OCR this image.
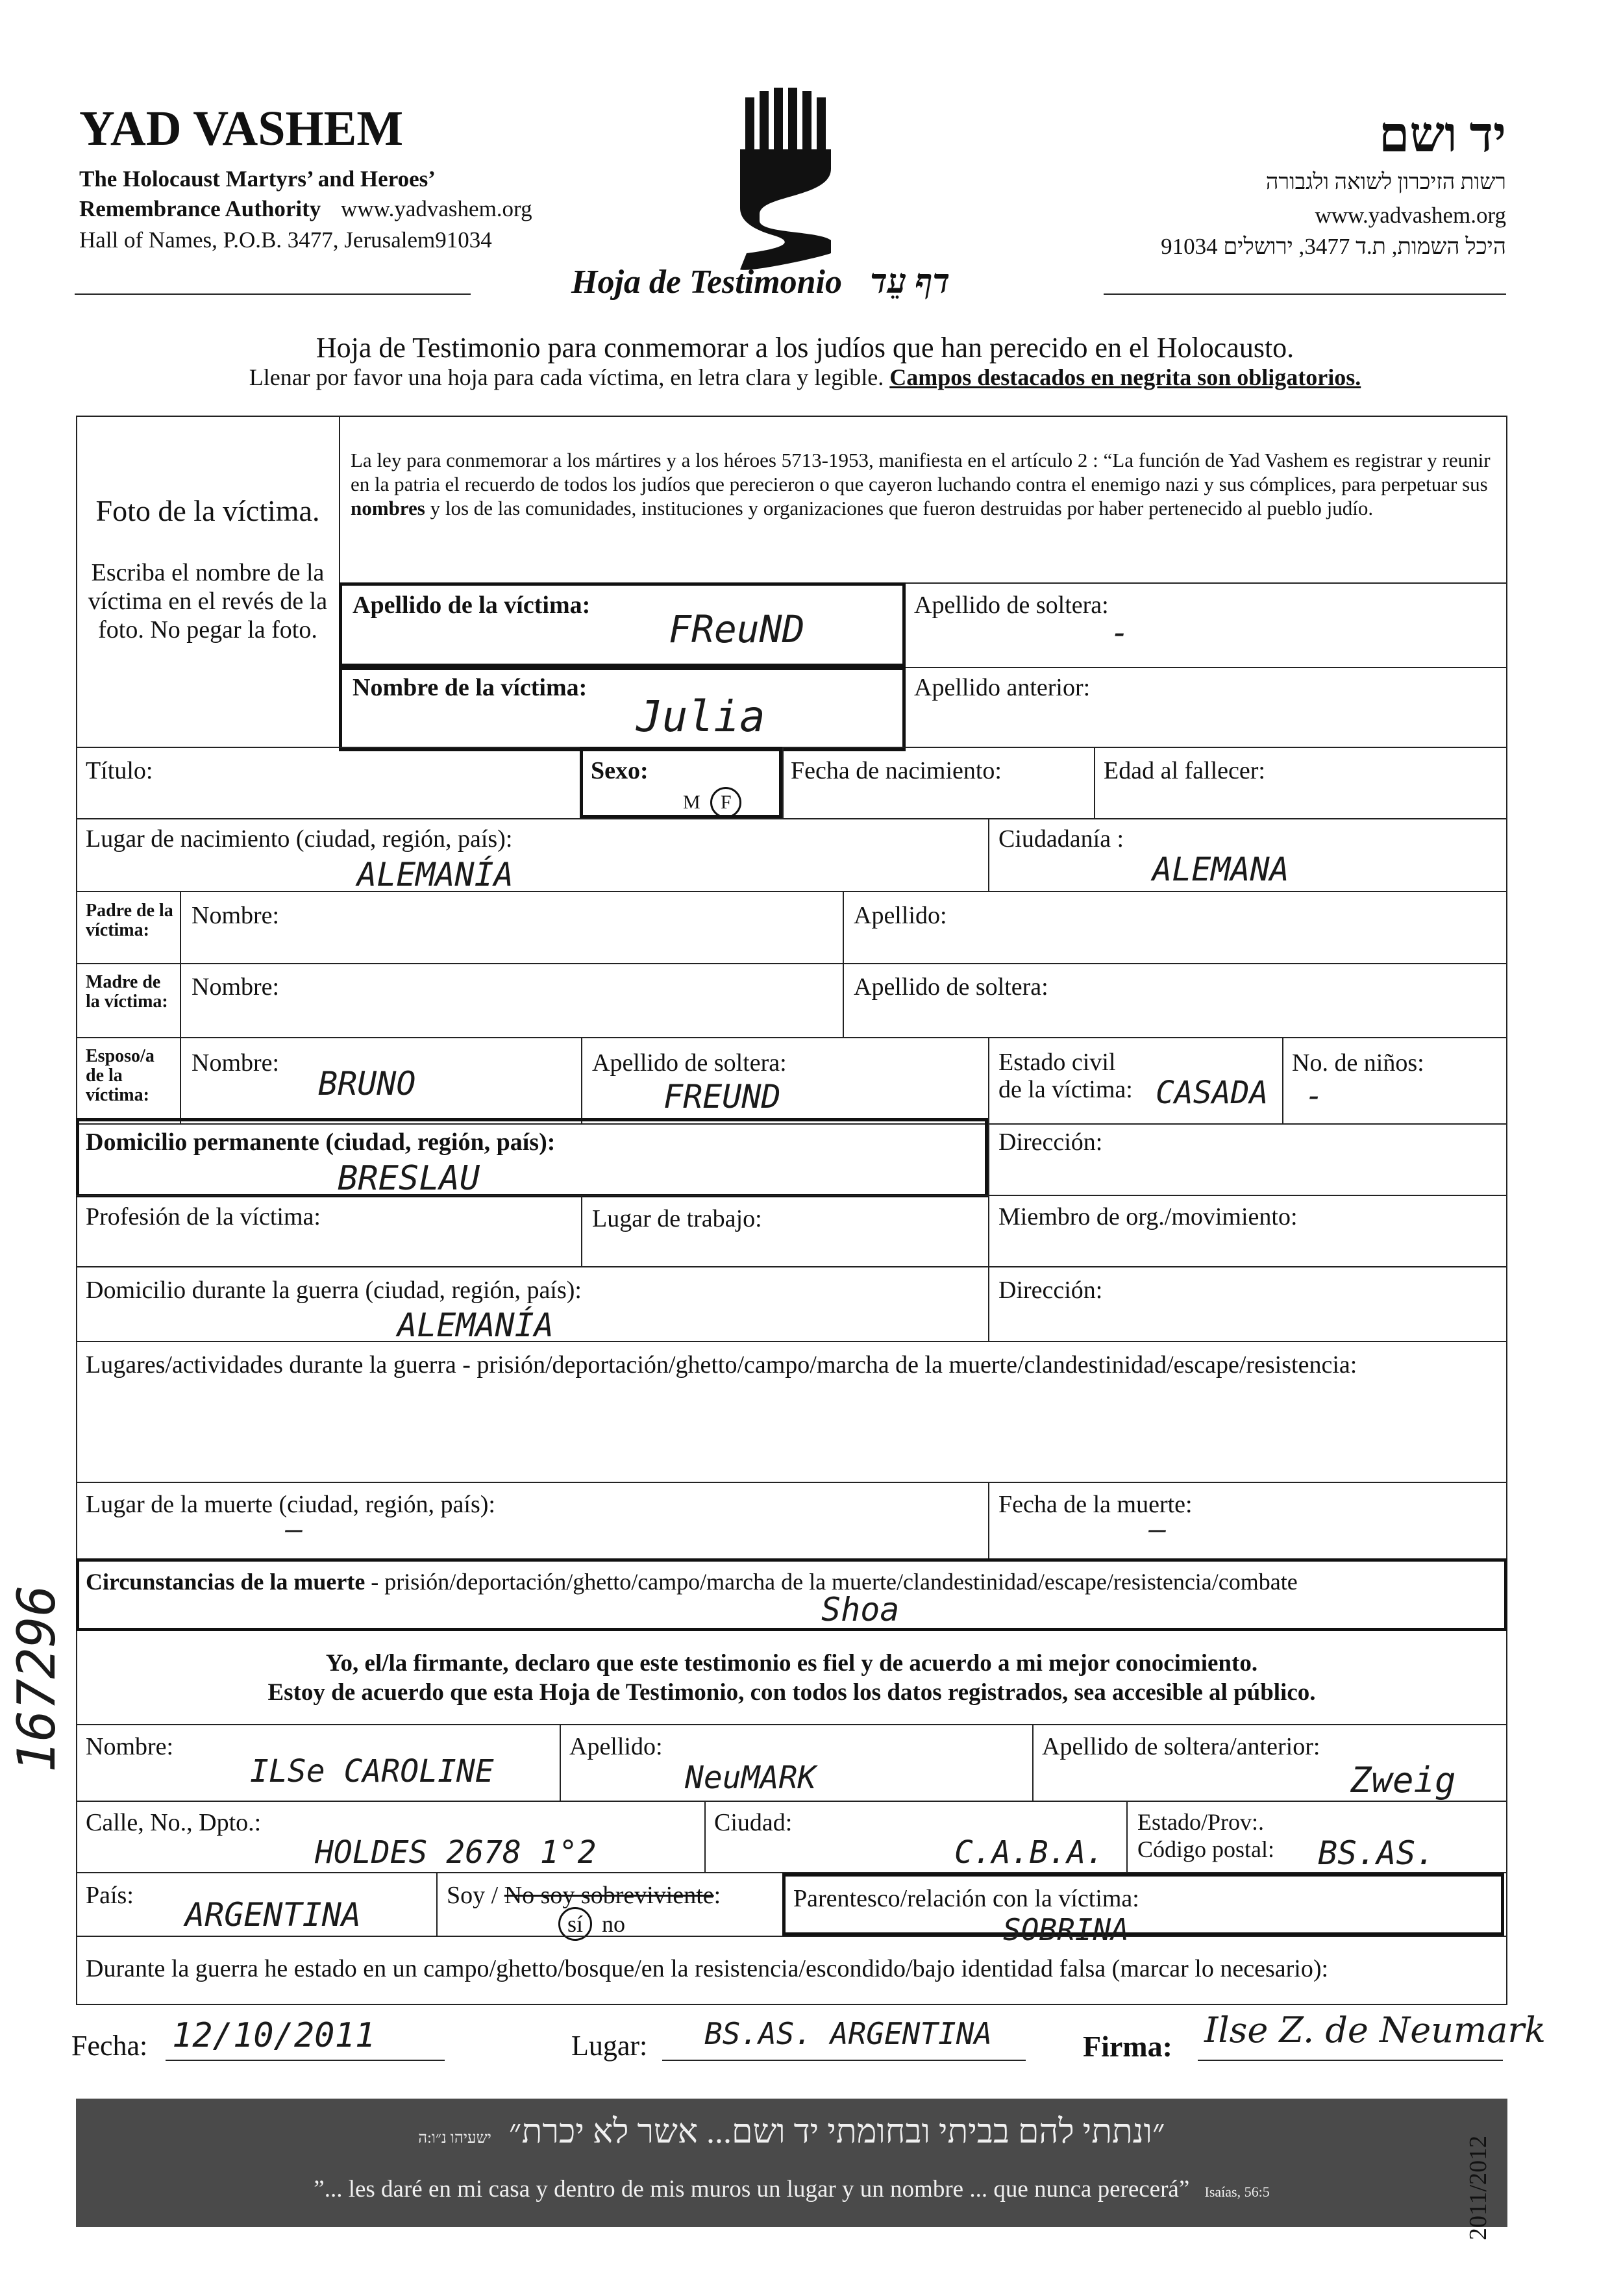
YAD VASHEM
The Holocaust Martyrs’ and Heroes’
Remembrance Authority www.yadvashem.org
Hall of Names, P.O.B. 3477, Jerusalem91034
Hoja de Testimonio דף עֵד
יד ושם
רשות הזיכרון לשואה ולגבורה
www.yadvashem.org
היכל השמות, ת.ד 3477, ירושלים 91034
Hoja de Testimonio para conmemorar a los judíos que han perecido en el Holocausto.
Llenar por favor una hoja para cada víctima, en letra clara y legible. Campos destacados en negrita son obligatorios.
Foto de la víctima.
Escriba el nombre de la víctima en el revés de la foto. No pegar la foto.
La ley para conmemorar a los mártires y a los héroes 5713-1953, manifiesta en el artículo 2 : “La función de Yad Vashem es registrar y reunir en la patria el recuerdo de todos los judíos que perecieron o que cayeron luchando contra el enemigo nazi y sus cómplices, para perpetuar sus nombres y los de las comunidades, instituciones y organizaciones que fueron destruidas por haber pertenecido al pueblo judío.
Apellido de la víctima:
FReuND
Apellido de soltera:
-
Nombre de la víctima:
Julia
Apellido anterior:
Título:	Sexo:
M F
Fecha de nacimiento:	Edad al fallecer:
Lugar de nacimiento (ciudad, región, país):
ALEMANÍA
Ciudadanía :
ALEMANA
Padre de la víctima:
Nombre:	Apellido:
Madre de la víctima:
Nombre:	Apellido de soltera:
Esposo/a de la víctima:
Nombre:
BRUNO
Apellido de soltera:
FREUND
Estado civil
de la víctima: CASADA
No. de niños:
-
Domicilio permanente (ciudad, región, país):
BRESLAU
Dirección:
Profesión de la víctima:	Lugar de trabajo:	Miembro de org./movimiento:
Domicilio durante la guerra (ciudad, región, país):
ALEMANÍA
Dirección:
Lugares/actividades durante la guerra - prisión/deportación/ghetto/campo/marcha de la muerte/clandestinidad/escape/resistencia:
Lugar de la muerte (ciudad, región, país):
—
Fecha de la muerte:
—
Circunstancias de la muerte - prisión/deportación/ghetto/campo/marcha de la muerte/clandestinidad/escape/resistencia/combate
Shoa
Yo, el/la firmante, declaro que este testimonio es fiel y de acuerdo a mi mejor conocimiento.
Estoy de acuerdo que esta Hoja de Testimonio, con todos los datos registrados, sea accesible al público.
Nombre:
ILSe CAROLINE
Apellido:
NeuMARK
Apellido de soltera/anterior:
Zweig
Calle, No., Dpto.:
HOLDES 2678 1°2
Ciudad:
C.A.B.A.
Estado/Prov:.
Código postal: BS.AS.
País:
ARGENTINA
Soy / No soy sobreviviente:
sí no
Parentesco/relación con la víctima:
SOBRINA
Durante la guerra he estado en un campo/ghetto/bosque/en la resistencia/escondido/bajo identidad falsa (marcar lo necesario):
Fecha: 12/10/2011	Lugar: BS.AS. ARGENTINA	Firma: Ilse Z. de Neumark
״ונתתי להם בביתי ובחומתי יד ושם... אשר לא יכרת״ ישעיהו נ״ו:ה
”... les daré en mi casa y dentro de mis muros un lugar y un nombre ... que nunca perecerá” Isaías, 56:5	2011/2012
167296
